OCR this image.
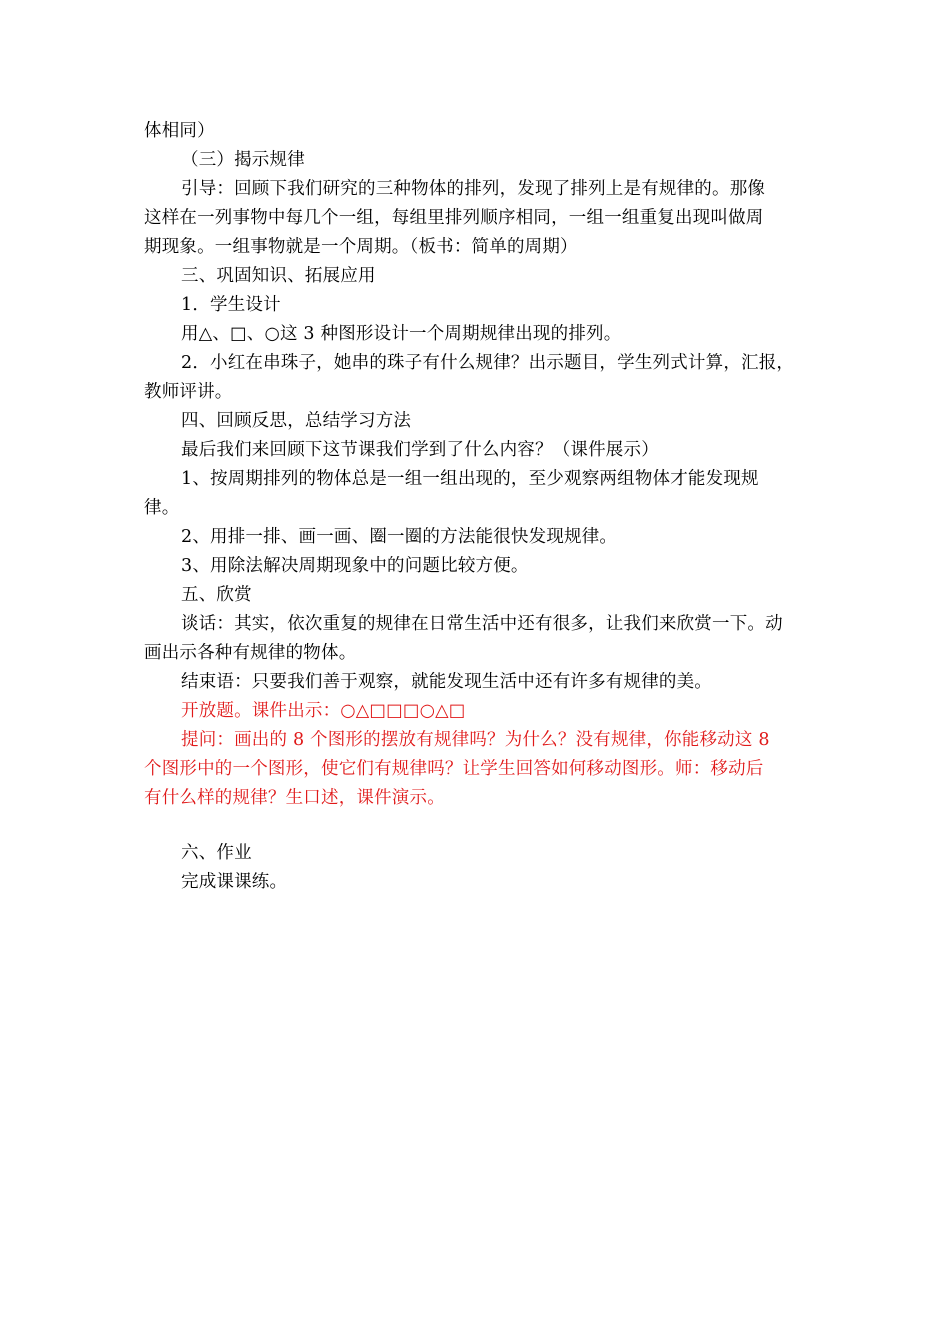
体相同）
（三）揭示规律
引导：回顾下我们研究的三种物体的排列，发现了排列上是有规律的。那像
这样在一列事物中每几个一组，每组里排列顺序相同，一组一组重复出现叫做周
期现象。一组事物就是一个周期。（板书：简单的周期）
三、巩固知识、拓展应用
1．学生设计
用△、□、○这 3 种图形设计一个周期规律出现的排列。
2．小红在串珠子，她串的珠子有什么规律？出示题目，学生列式计算，汇报，
教师评讲。
四、回顾反思，总结学习方法
最后我们来回顾下这节课我们学到了什么内容？（课件展示）
1、按周期排列的物体总是一组一组出现的，至少观察两组物体才能发现规
律。
2、用排一排、画一画、圈一圈的方法能很快发现规律。
3、用除法解决周期现象中的问题比较方便。
五、欣赏
谈话：其实，依次重复的规律在日常生活中还有很多，让我们来欣赏一下。动
画出示各种有规律的物体。
结束语：只要我们善于观察，就能发现生活中还有许多有规律的美。
开放题。课件出示：○△□□□○△□
提问：画出的 8 个图形的摆放有规律吗？为什么？没有规律，你能移动这 8
个图形中的一个图形，使它们有规律吗？让学生回答如何移动图形。师：移动后
有什么样的规律？生口述，课件演示。
六、作业
完成课课练。
